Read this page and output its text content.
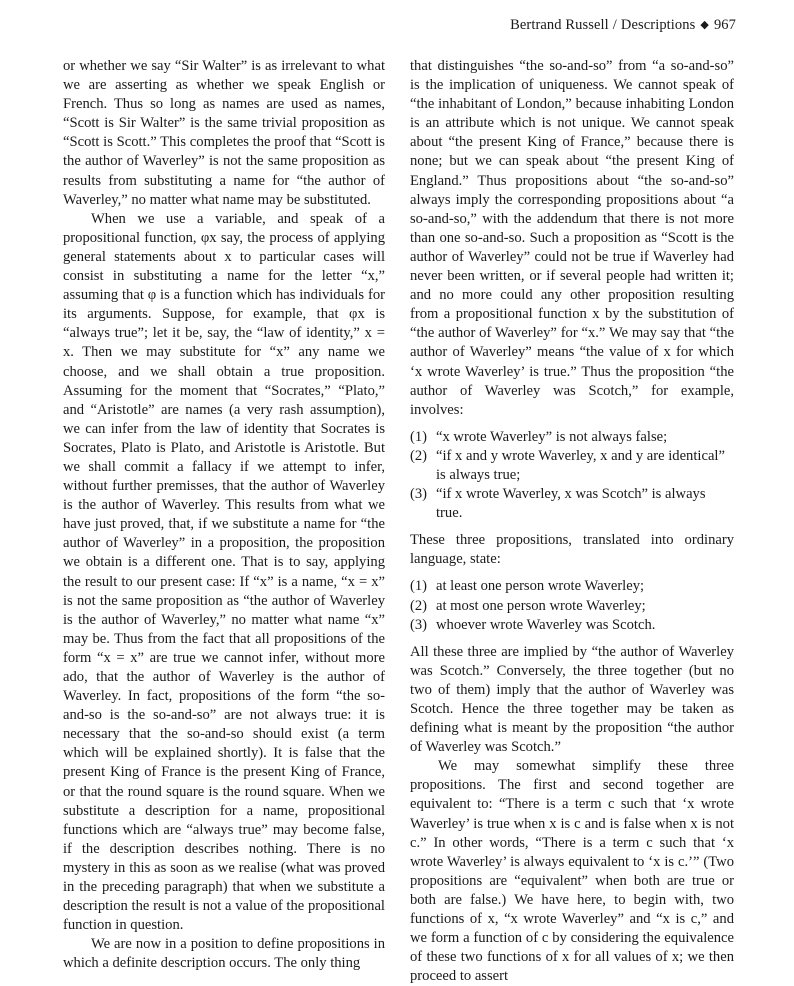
Bertrand Russell / Descriptions ◆ 967

or whether we say “Sir Walter” is as irrelevant to what we are asserting as whether we speak English or French. Thus so long as names are used as names, “Scott is Sir Walter” is the same trivial proposition as “Scott is Scott.” This completes the proof that “Scott is the author of Waverley” is not the same proposition as results from substituting a name for “the author of Waverley,” no matter what name may be substituted.

When we use a variable, and speak of a propositional function, φx say, the process of applying general statements about x to particular cases will consist in substituting a name for the letter “x,” assuming that φ is a function which has individuals for its arguments. Suppose, for example, that φx is “always true”; let it be, say, the “law of identity,” x = x. Then we may substitute for “x” any name we choose, and we shall obtain a true proposition. Assuming for the moment that “Socrates,” “Plato,” and “Aristotle” are names (a very rash assumption), we can infer from the law of identity that Socrates is Socrates, Plato is Plato, and Aristotle is Aristotle. But we shall commit a fallacy if we attempt to infer, without further premisses, that the author of Waverley is the author of Waverley. This results from what we have just proved, that, if we substitute a name for “the author of Waverley” in a proposition, the proposition we obtain is a different one. That is to say, applying the result to our present case: If “x” is a name, “x = x” is not the same proposition as “the author of Waverley is the author of Waverley,” no matter what name “x” may be. Thus from the fact that all propositions of the form “x = x” are true we cannot infer, without more ado, that the author of Waverley is the author of Waverley. In fact, propositions of the form “the so-and-so is the so-and-so” are not always true: it is necessary that the so-and-so should exist (a term which will be explained shortly). It is false that the present King of France is the present King of France, or that the round square is the round square. When we substitute a description for a name, propositional functions which are “always true” may become false, if the description describes nothing. There is no mystery in this as soon as we realise (what was proved in the preceding paragraph) that when we substitute a description the result is not a value of the propositional function in question.

We are now in a position to define propositions in which a definite description occurs. The only thing

that distinguishes “the so-and-so” from “a so-and-so” is the implication of uniqueness. We cannot speak of “the inhabitant of London,” because inhabiting London is an attribute which is not unique. We cannot speak about “the present King of France,” because there is none; but we can speak about “the present King of England.” Thus propositions about “the so-and-so” always imply the corresponding propositions about “a so-and-so,” with the addendum that there is not more than one so-and-so. Such a proposition as “Scott is the author of Waverley” could not be true if Waverley had never been written, or if several people had written it; and no more could any other proposition resulting from a propositional function x by the substitution of “the author of Waverley” for “x.” We may say that “the author of Waverley” means “the value of x for which ‘x wrote Waverley’ is true.” Thus the proposition “the author of Waverley was Scotch,” for example, involves:

(1) “x wrote Waverley” is not always false;
(2) “if x and y wrote Waverley, x and y are identical” is always true;
(3) “if x wrote Waverley, x was Scotch” is always true.

These three propositions, translated into ordinary language, state:

(1) at least one person wrote Waverley;
(2) at most one person wrote Waverley;
(3) whoever wrote Waverley was Scotch.

All these three are implied by “the author of Waverley was Scotch.” Conversely, the three together (but no two of them) imply that the author of Waverley was Scotch. Hence the three together may be taken as defining what is meant by the proposition “the author of Waverley was Scotch.”

We may somewhat simplify these three propositions. The first and second together are equivalent to: “There is a term c such that ‘x wrote Waverley’ is true when x is c and is false when x is not c.” In other words, “There is a term c such that ‘x wrote Waverley’ is always equivalent to ‘x is c.’” (Two propositions are “equivalent” when both are true or both are false.) We have here, to begin with, two functions of x, “x wrote Waverley” and “x is c,” and we form a function of c by considering the equivalence of these two functions of x for all values of x; we then proceed to assert
